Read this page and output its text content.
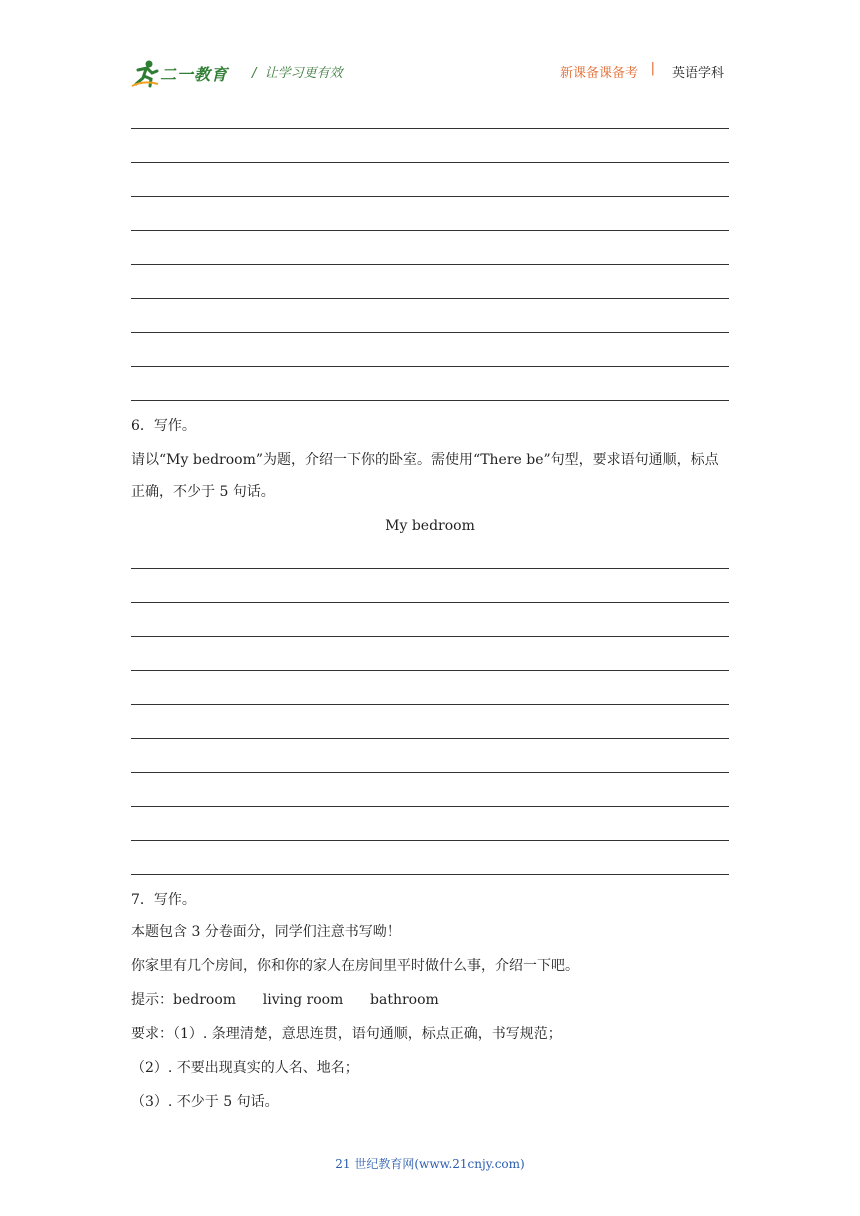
二一教育 / 让学习更有效	新课备课备考 | 英语学科
6．写作。
请以“My bedroom”为题，介绍一下你的卧室。需使用“There be”句型，要求语句通顺，标点
正确，不少于 5 句话。
My bedroom
7．写作。
本题包含 3 分卷面分，同学们注意书写呦！
你家里有几个房间，你和你的家人在房间里平时做什么事，介绍一下吧。
提示：bedroom      living room      bathroom
要求：（1）. 条理清楚，意思连贯，语句通顺，标点正确，书写规范；
（2）. 不要出现真实的人名、地名；
（3）. 不少于 5 句话。
21 世纪教育网(www.21cnjy.com)
